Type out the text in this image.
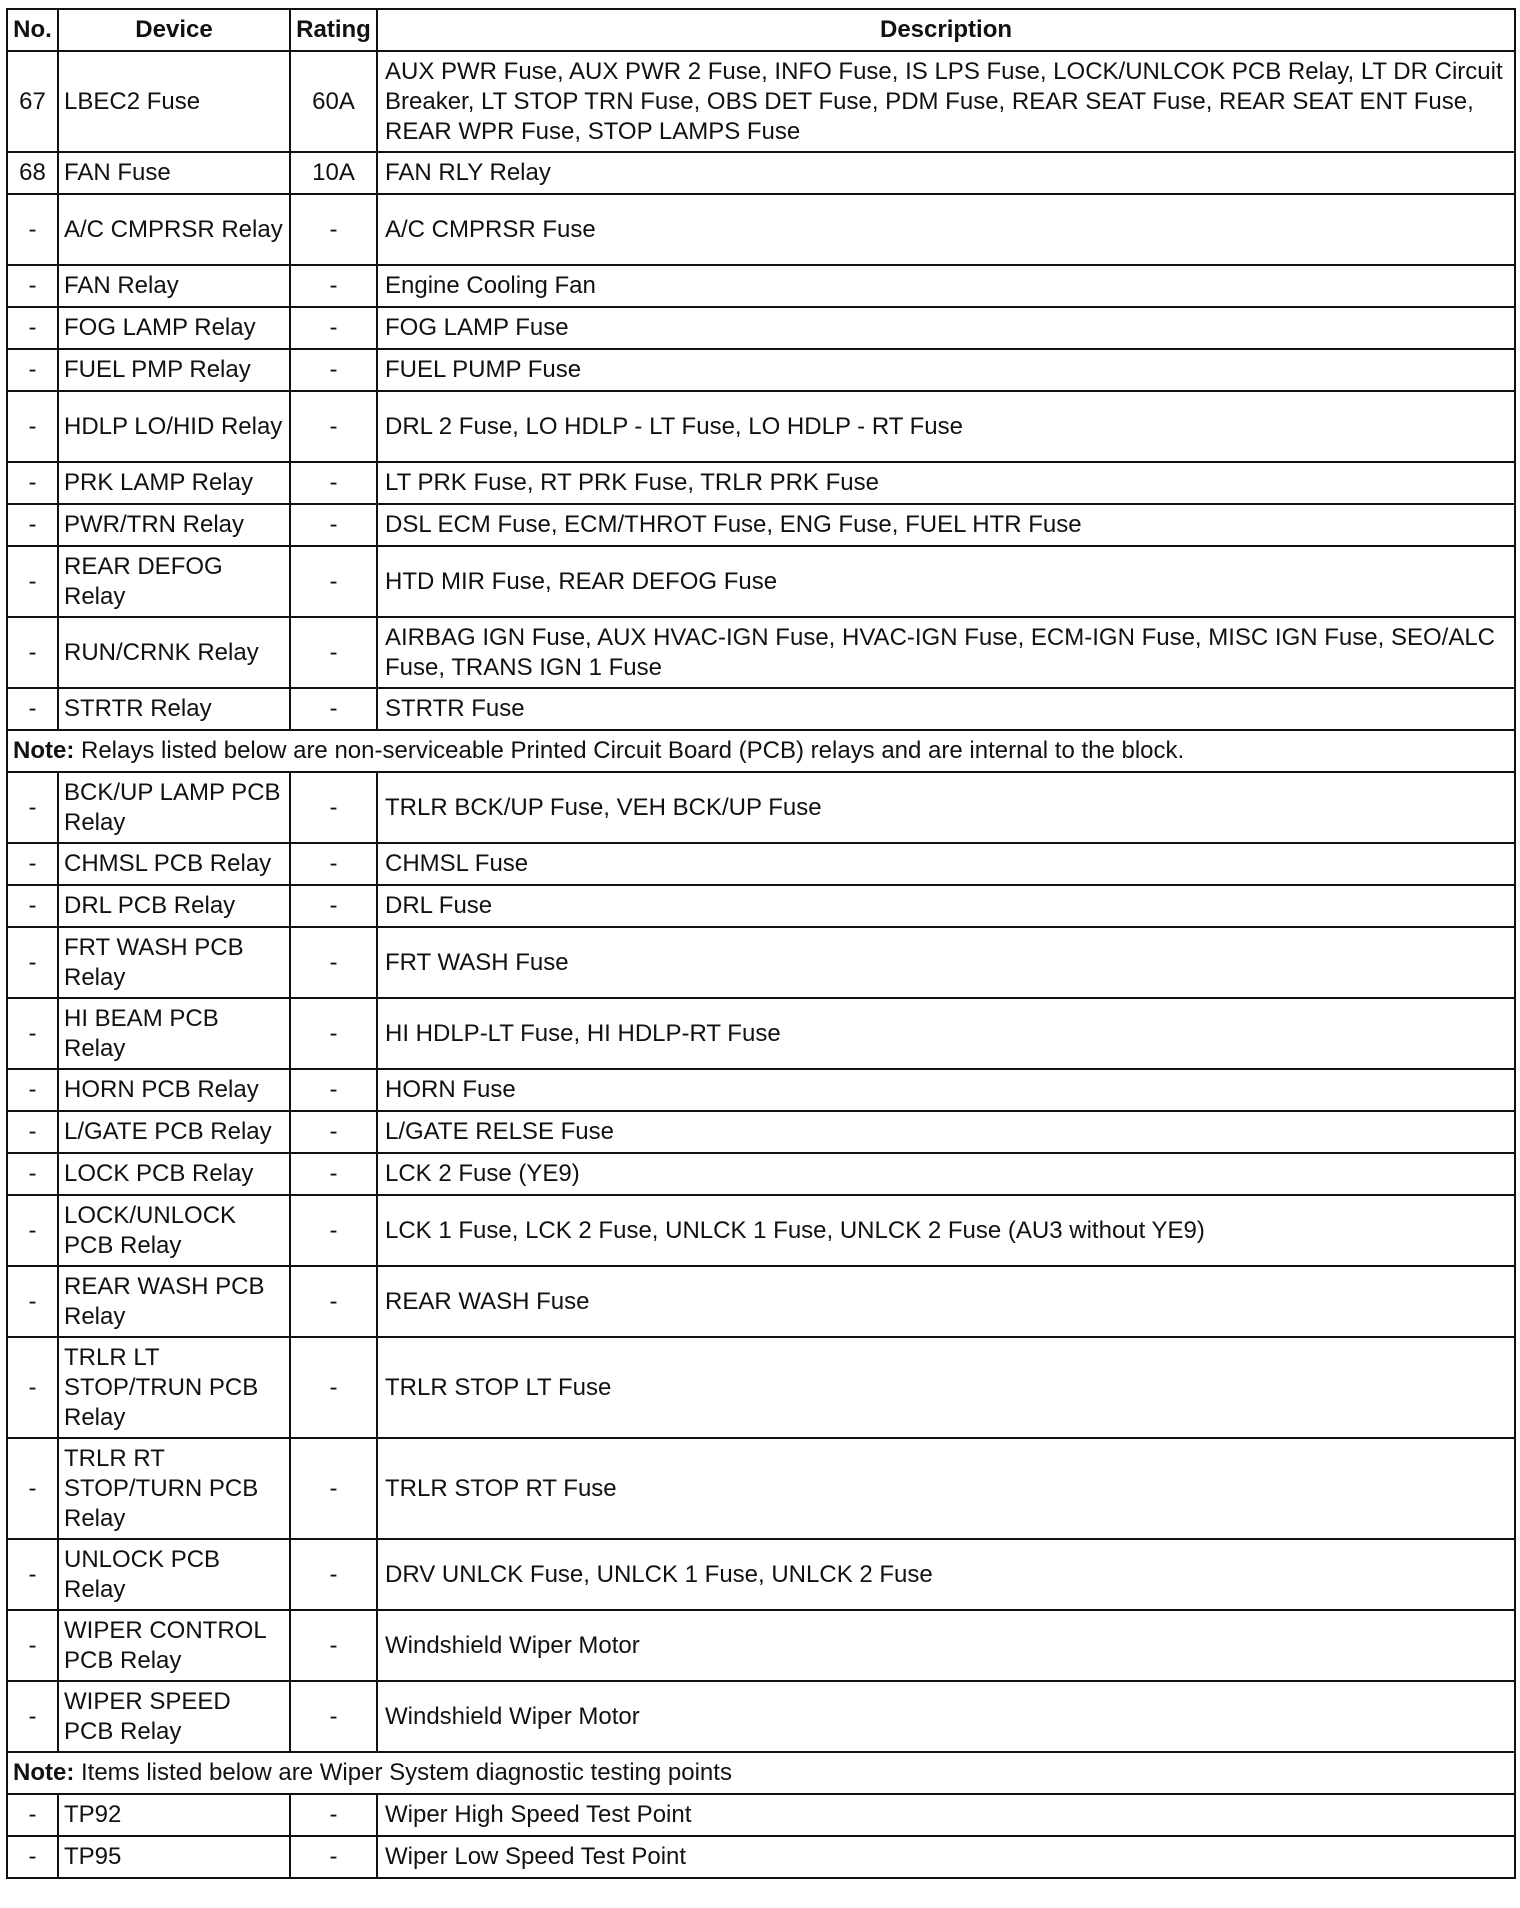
No.	Device	Rating	Description
67	LBEC2 Fuse	60A	AUX PWR Fuse, AUX PWR 2 Fuse, INFO Fuse, IS LPS Fuse, LOCK/UNLCOK PCB Relay, LT DR Circuit Breaker, LT STOP TRN Fuse, OBS DET Fuse, PDM Fuse, REAR SEAT Fuse, REAR SEAT ENT Fuse, REAR WPR Fuse, STOP LAMPS Fuse
68	FAN Fuse	10A	FAN RLY Relay
-	A/C CMPRSR Relay	-	A/C CMPRSR Fuse
-	FAN Relay	-	Engine Cooling Fan
-	FOG LAMP Relay	-	FOG LAMP Fuse
-	FUEL PMP Relay	-	FUEL PUMP Fuse
-	HDLP LO/HID Relay	-	DRL 2 Fuse, LO HDLP - LT Fuse, LO HDLP - RT Fuse
-	PRK LAMP Relay	-	LT PRK Fuse, RT PRK Fuse, TRLR PRK Fuse
-	PWR/TRN Relay	-	DSL ECM Fuse, ECM/THROT Fuse, ENG Fuse, FUEL HTR Fuse
-	REAR DEFOG Relay	-	HTD MIR Fuse, REAR DEFOG Fuse
-	RUN/CRNK Relay	-	AIRBAG IGN Fuse, AUX HVAC-IGN Fuse, HVAC-IGN Fuse, ECM-IGN Fuse, MISC IGN Fuse, SEO/ALC Fuse, TRANS IGN 1 Fuse
-	STRTR Relay	-	STRTR Fuse
Note: Relays listed below are non-serviceable Printed Circuit Board (PCB) relays and are internal to the block.			
-	BCK/UP LAMP PCB Relay	-	TRLR BCK/UP Fuse, VEH BCK/UP Fuse
-	CHMSL PCB Relay	-	CHMSL Fuse
-	DRL PCB Relay	-	DRL Fuse
-	FRT WASH PCB Relay	-	FRT WASH Fuse
-	HI BEAM PCB Relay	-	HI HDLP-LT Fuse, HI HDLP-RT Fuse
-	HORN PCB Relay	-	HORN Fuse
-	L/GATE PCB Relay	-	L/GATE RELSE Fuse
-	LOCK PCB Relay	-	LCK 2 Fuse (YE9)
-	LOCK/UNLOCK PCB Relay	-	LCK 1 Fuse, LCK 2 Fuse, UNLCK 1 Fuse, UNLCK 2 Fuse (AU3 without YE9)
-	REAR WASH PCB Relay	-	REAR WASH Fuse
-	TRLR LT STOP/TRUN PCB Relay	-	TRLR STOP LT Fuse
-	TRLR RT STOP/TURN PCB Relay	-	TRLR STOP RT Fuse
-	UNLOCK PCB Relay	-	DRV UNLCK Fuse, UNLCK 1 Fuse, UNLCK 2 Fuse
-	WIPER CONTROL PCB Relay	-	Windshield Wiper Motor
-	WIPER SPEED PCB Relay	-	Windshield Wiper Motor
Note: Items listed below are Wiper System diagnostic testing points			
-	TP92	-	Wiper High Speed Test Point
-	TP95	-	Wiper Low Speed Test Point
